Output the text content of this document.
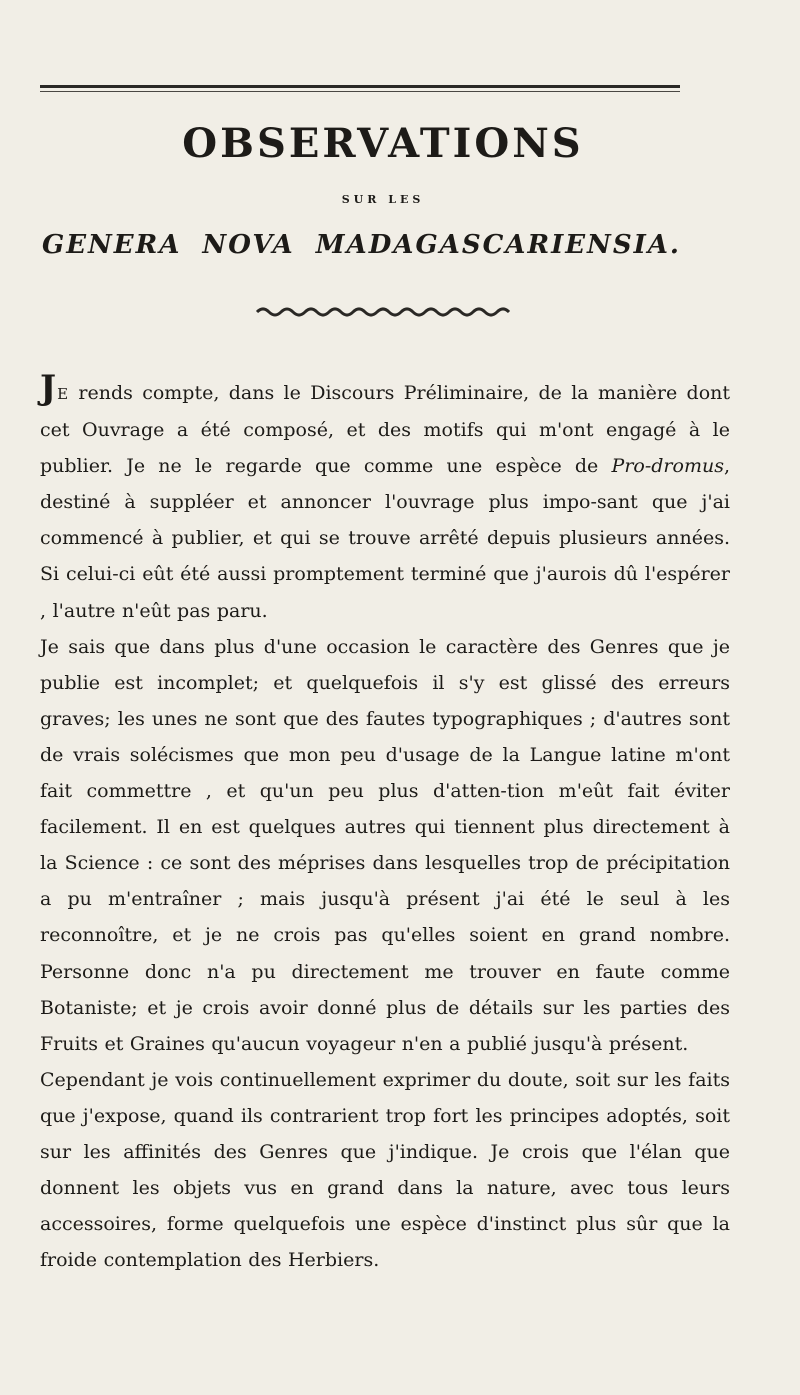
OBSERVATIONS
SUR LES
GENERA NOVA MADAGASCARIENSIA.

JE rends compte, dans le Discours Préliminaire, de la manière dont cet Ouvrage a été composé, et des motifs qui m'ont engagé à le publier. Je ne le regarde que comme une espèce de Pro-dromus, destiné à suppléer et annoncer l'ouvrage plus impo-sant que j'ai commencé à publier, et qui se trouve arrêté depuis plusieurs années. Si celui-ci eût été aussi promptement terminé que j'aurois dû l'espérer , l'autre n'eût pas paru.

Je sais que dans plus d'une occasion le caractère des Genres que je publie est incomplet; et quelquefois il s'y est glissé des erreurs graves; les unes ne sont que des fautes typographiques ; d'autres sont de vrais solécismes que mon peu d'usage de la Langue latine m'ont fait commettre , et qu'un peu plus d'atten-tion m'eût fait éviter facilement. Il en est quelques autres qui tiennent plus directement à la Science : ce sont des méprises dans lesquelles trop de précipitation a pu m'entraîner ; mais jusqu'à présent j'ai été le seul à les reconnoître, et je ne crois pas qu'elles soient en grand nombre. Personne donc n'a pu directement me trouver en faute comme Botaniste; et je crois avoir donné plus de détails sur les parties des Fruits et Graines qu'aucun voyageur n'en a publié jusqu'à présent.

Cependant je vois continuellement exprimer du doute, soit sur les faits que j'expose, quand ils contrarient trop fort les principes adoptés, soit sur les affinités des Genres que j'indique. Je crois que l'élan que donnent les objets vus en grand dans la nature, avec tous leurs accessoires, forme quelquefois une espèce d'instinct plus sûr que la froide contemplation des Herbiers.
